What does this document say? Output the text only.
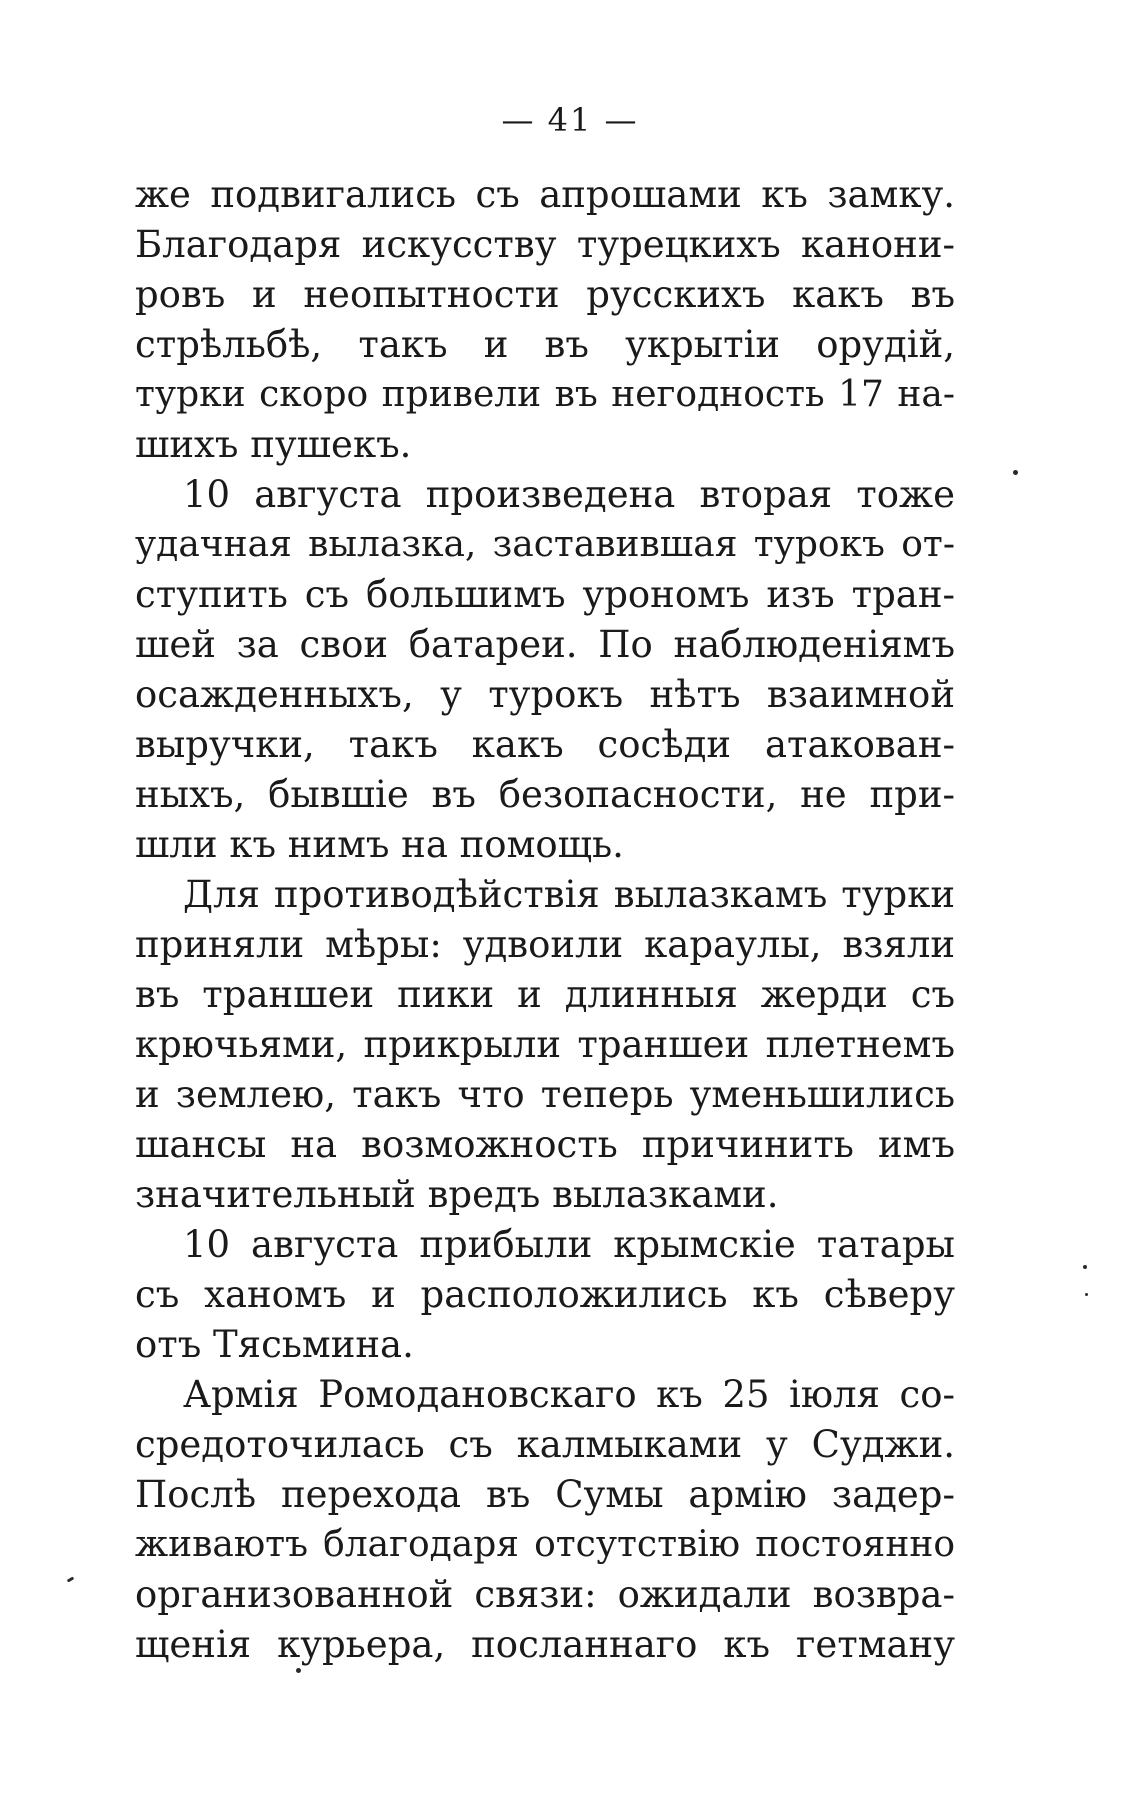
— 41 —
же подвигались съ апрошами къ замку.
Благодаря искусству турецкихъ канони-
ровъ и неопытности русскихъ какъ въ
стрѣльбѣ, такъ и въ укрытіи орудій,
турки скоро привели въ негодность 17 на-
шихъ пушекъ.
10 августа произведена вторая тоже
удачная вылазка, заставившая турокъ от-
ступить съ большимъ урономъ изъ тран-
шей за свои батареи. По наблюденіямъ
осажденныхъ, у турокъ нѣтъ взаимной
выручки, такъ какъ сосѣди атакован-
ныхъ, бывшіе въ безопасности, не при-
шли къ нимъ на помощь.
Для противодѣйствія вылазкамъ турки
приняли мѣры: удвоили караулы, взяли
въ траншеи пики и длинныя жерди съ
крючьями, прикрыли траншеи плетнемъ
и землею, такъ что теперь уменьшились
шансы на возможность причинить имъ
значительный вредъ вылазками.
10 августа прибыли крымскіе татары
съ ханомъ и расположились къ сѣверу
отъ Тясьмина.
Армія Ромодановскаго къ 25 іюля со-
средоточилась съ калмыками у Суджи.
Послѣ перехода въ Сумы армію задер-
живаютъ благодаря отсутствію постоянно
организованной связи: ожидали возвра-
щенія курьера, посланнаго къ гетману
